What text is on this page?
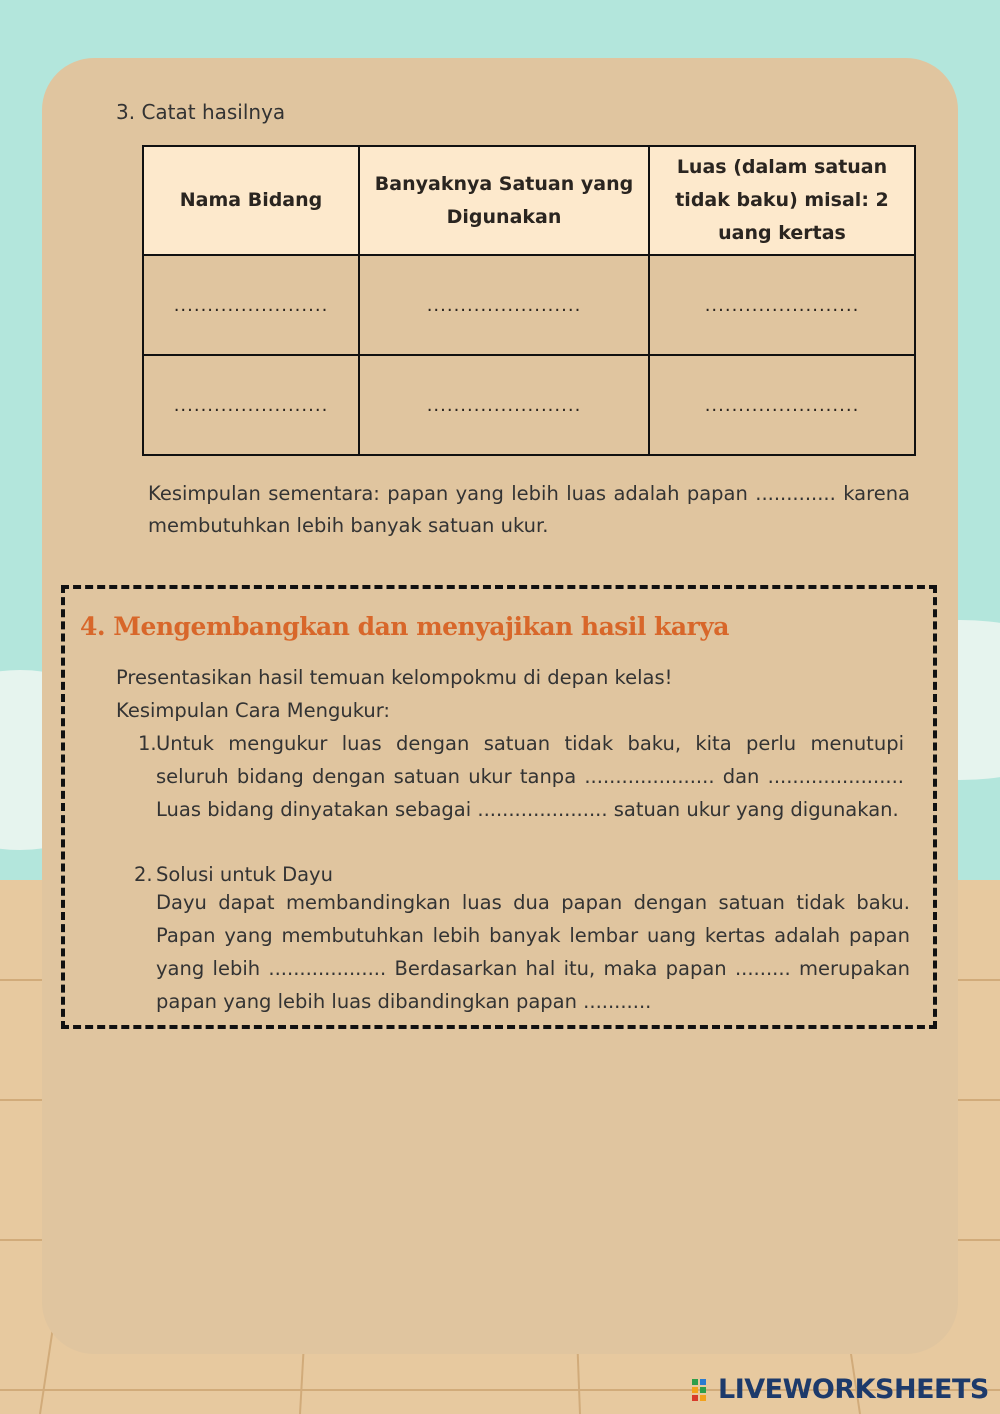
3. Catat hasilnya
Nama Bidang	Banyaknya Satuan yang Digunakan	Luas (dalam satuan tidak baku) misal: 2 uang kertas
.......................	.......................	.......................
.......................	.......................	.......................
Kesimpulan sementara: papan yang lebih luas adalah papan ............. karena membutuhkan lebih banyak satuan ukur.
4. Mengembangkan dan menyajikan hasil karya
Presentasikan hasil temuan kelompokmu di depan kelas!
Kesimpulan Cara Mengukur:
1. Untuk mengukur luas dengan satuan tidak baku, kita perlu menutupi seluruh bidang dengan satuan ukur tanpa ..................... dan ...................... Luas bidang dinyatakan sebagai ..................... satuan ukur yang digunakan.
2. Solusi untuk Dayu
Dayu dapat membandingkan luas dua papan dengan satuan tidak baku. Papan yang membutuhkan lebih banyak lembar uang kertas adalah papan yang lebih ................... Berdasarkan hal itu, maka papan ......... merupakan papan yang lebih luas dibandingkan papan ...........
LIVEWORKSHEETS
